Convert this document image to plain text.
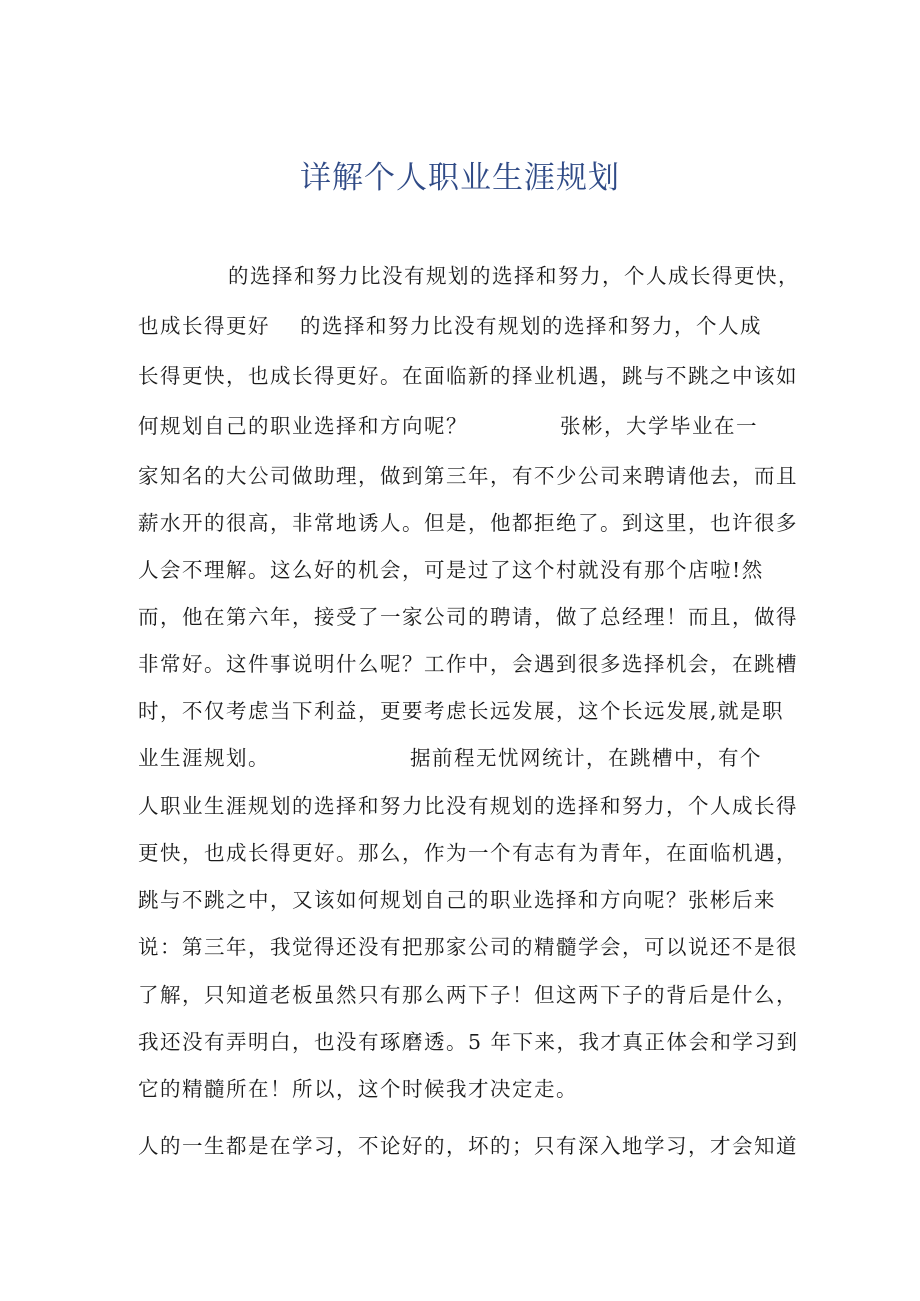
详解个人职业生涯规划
的选择和努力比没有规划的选择和努力，个人成长得更快，
也成长得更好 的选择和努力比没有规划的选择和努力，个人成
长得更快，也成长得更好。在面临新的择业机遇，跳与不跳之中该如
何规划自己的职业选择和方向呢？	张彬，大学毕业在一
家知名的大公司做助理，做到第三年，有不少公司来聘请他去，而且
薪水开的很高，非常地诱人。但是，他都拒绝了。到这里，也许很多
人会不理解。这么好的机会，可是过了这个村就没有那个店啦!然
而，他在第六年，接受了一家公司的聘请，做了总经理！而且，做得
非常好。这件事说明什么呢？工作中，会遇到很多选择机会，在跳槽
时，不仅考虑当下利益，更要考虑长远发展，这个长远发展,就是职
业生涯规划。	据前程无忧网统计，在跳槽中，有个
人职业生涯规划的选择和努力比没有规划的选择和努力，个人成长得
更快，也成长得更好。那么，作为一个有志有为青年，在面临机遇，
跳与不跳之中，又该如何规划自己的职业选择和方向呢？张彬后来
说：第三年，我觉得还没有把那家公司的精髓学会，可以说还不是很
了解，只知道老板虽然只有那么两下子！但这两下子的背后是什么，
我还没有弄明白，也没有琢磨透。5 年下来，我才真正体会和学习到
它的精髓所在！所以，这个时候我才决定走。
人的一生都是在学习，不论好的，坏的；只有深入地学习，才会知道
